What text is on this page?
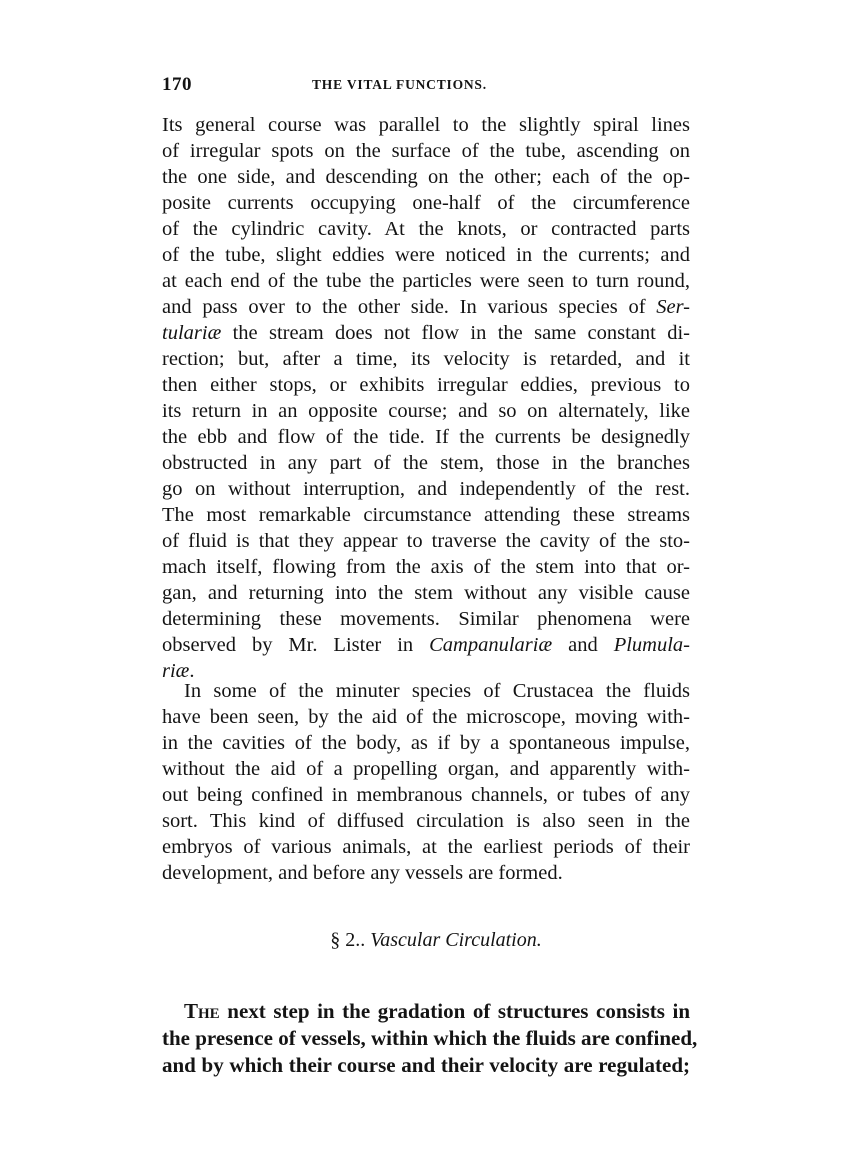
170	THE VITAL FUNCTIONS.
Its general course was parallel to the slightly spiral lines
of irregular spots on the surface of the tube, ascending on
the one side, and descending on the other; each of the op-
posite currents occupying one-half of the circumference
of the cylindric cavity. At the knots, or contracted parts
of the tube, slight eddies were noticed in the currents; and
at each end of the tube the particles were seen to turn round,
and pass over to the other side. In various species of Ser-
tulariæ the stream does not flow in the same constant di-
rection; but, after a time, its velocity is retarded, and it
then either stops, or exhibits irregular eddies, previous to
its return in an opposite course; and so on alternately, like
the ebb and flow of the tide. If the currents be designedly
obstructed in any part of the stem, those in the branches
go on without interruption, and independently of the rest.
The most remarkable circumstance attending these streams
of fluid is that they appear to traverse the cavity of the sto-
mach itself, flowing from the axis of the stem into that or-
gan, and returning into the stem without any visible cause
determining these movements. Similar phenomena were
observed by Mr. Lister in Campanulariæ and Plumula-
riæ.
In some of the minuter species of Crustacea the fluids
have been seen, by the aid of the microscope, moving with-
in the cavities of the body, as if by a spontaneous impulse,
without the aid of a propelling organ, and apparently with-
out being confined in membranous channels, or tubes of any
sort. This kind of diffused circulation is also seen in the
embryos of various animals, at the earliest periods of their
development, and before any vessels are formed.
§ 2.. Vascular Circulation.
The next step in the gradation of structures consists in
the presence of vessels, within which the fluids are confined,
and by which their course and their velocity are regulated;
